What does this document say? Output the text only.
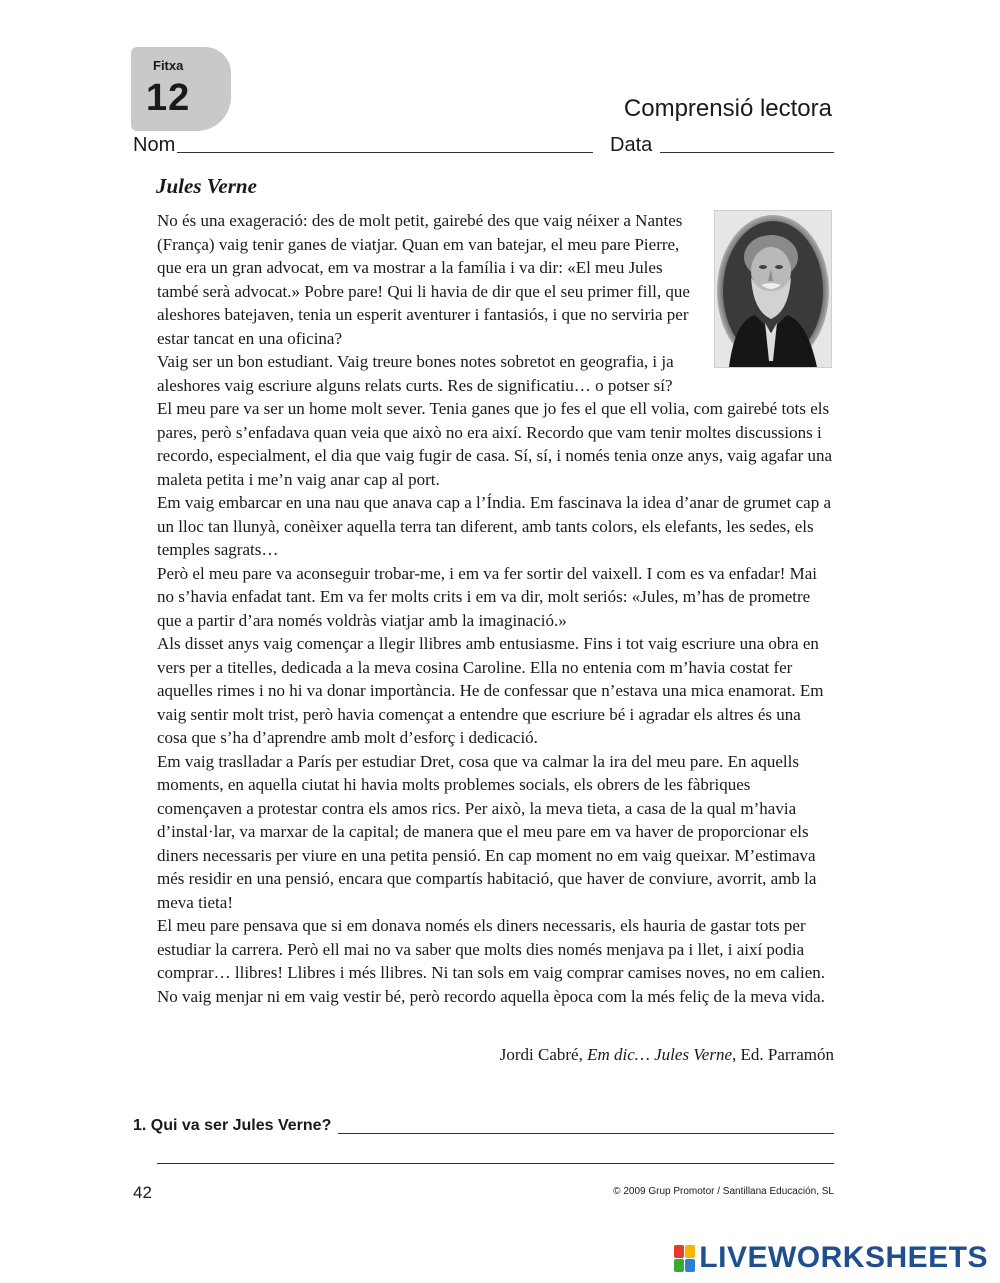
Fitxa
12	Comprensió lectora
Nom	Data
Jules Verne

No és una exageració: des de molt petit, gairebé des que vaig néixer a Nantes (França) vaig tenir ganes de viatjar. Quan em van batejar, el meu pare Pierre, que era un gran advocat, em va mostrar a la família i va dir: «El meu Jules també serà advocat.» Pobre pare! Qui li havia de dir que el seu primer fill, que aleshores batejaven, tenia un esperit aventurer i fantasiós, i que no serviria per estar tancat en una oficina?

Vaig ser un bon estudiant. Vaig treure bones notes sobretot en geografia, i ja aleshores vaig escriure alguns relats curts. Res de significatiu… o potser sí?

El meu pare va ser un home molt sever. Tenia ganes que jo fes el que ell volia, com gairebé tots els pares, però s’enfadava quan veia que això no era així. Recordo que vam tenir moltes discussions i recordo, especialment, el dia que vaig fugir de casa. Sí, sí, i només tenia onze anys, vaig agafar una maleta petita i me’n vaig anar cap al port.

Em vaig embarcar en una nau que anava cap a l’Índia. Em fascinava la idea d’anar de grumet cap a un lloc tan llunyà, conèixer aquella terra tan diferent, amb tants colors, els elefants, les sedes, els temples sagrats…

Però el meu pare va aconseguir trobar-me, i em va fer sortir del vaixell. I com es va enfadar! Mai no s’havia enfadat tant. Em va fer molts crits i em va dir, molt seriós: «Jules, m’has de prometre que a partir d’ara només voldràs viatjar amb la imaginació.»

Als disset anys vaig començar a llegir llibres amb entusiasme. Fins i tot vaig escriure una obra en vers per a titelles, dedicada a la meva cosina Caroline. Ella no entenia com m’havia costat fer aquelles rimes i no hi va donar importància. He de confessar que n’estava una mica enamorat. Em vaig sentir molt trist, però havia començat a entendre que escriure bé i agradar els altres és una cosa que s’ha d’aprendre amb molt d’esforç i dedicació.

Em vaig traslladar a París per estudiar Dret, cosa que va calmar la ira del meu pare. En aquells moments, en aquella ciutat hi havia molts problemes socials, els obrers de les fàbriques començaven a protestar contra els amos rics. Per això, la meva tieta, a casa de la qual m’havia d’instal·lar, va marxar de la capital; de manera que el meu pare em va haver de proporcionar els diners necessaris per viure en una petita pensió. En cap moment no em vaig queixar. M’estimava més residir en una pensió, encara que compartís habitació, que haver de conviure, avorrit, amb la meva tieta!

El meu pare pensava que si em donava només els diners necessaris, els hauria de gastar tots per estudiar la carrera. Però ell mai no va saber que molts dies només menjava pa i llet, i així podia comprar… llibres! Llibres i més llibres. Ni tan sols em vaig comprar camises noves, no em calien. No vaig menjar ni em vaig vestir bé, però recordo aquella època com la més feliç de la meva vida.

Jordi Cabré, Em dic… Jules Verne, Ed. Parramón
1. Qui va ser Jules Verne?
42	© 2009 Grup Promotor / Santillana Educación, SL
LIVEWORKSHEETS
